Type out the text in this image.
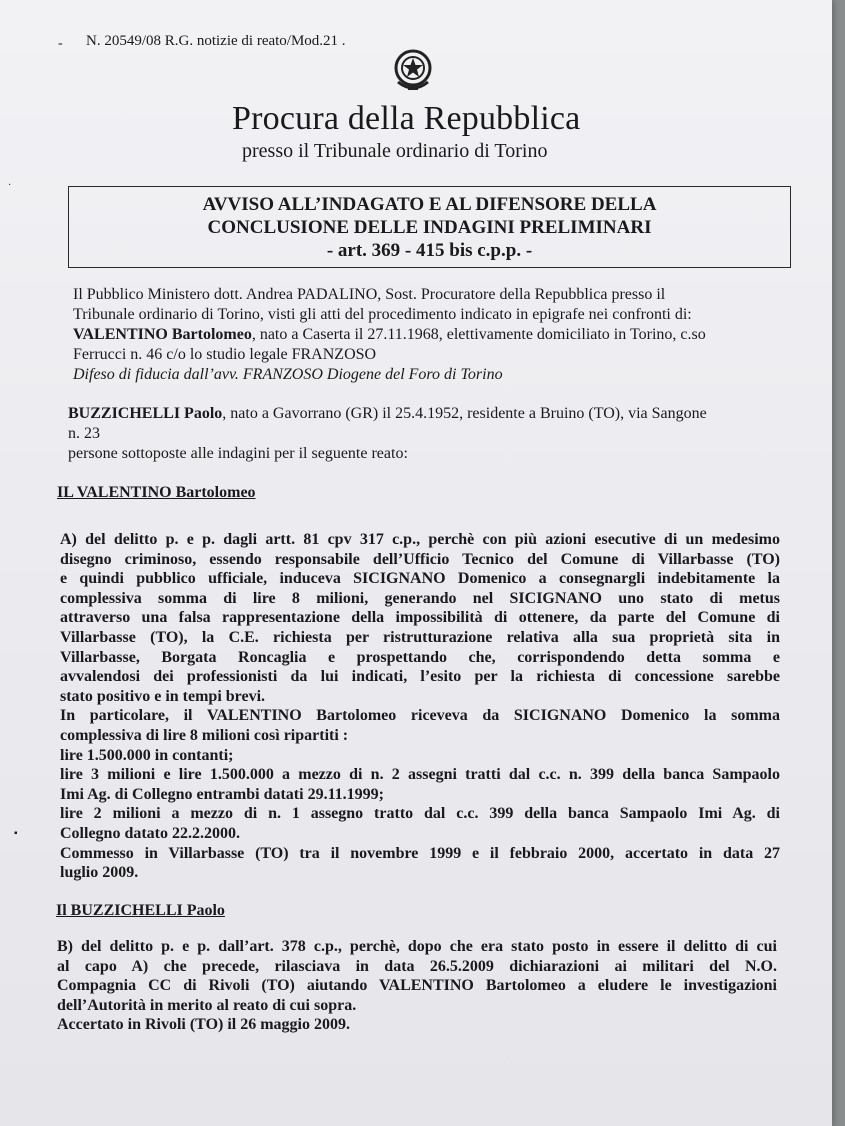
- N. 20549/08 R.G. notizie di reato/Mod.21 .
Procura della Repubblica
presso il Tribunale ordinario di Torino
AVVISO ALL’INDAGATO E AL DIFENSORE DELLA
CONCLUSIONE DELLE INDAGINI PRELIMINARI
- art. 369 - 415 bis c.p.p. -

Il Pubblico Ministero dott. Andrea PADALINO, Sost. Procuratore della Repubblica presso il

Tribunale ordinario di Torino, visti gli atti del procedimento indicato in epigrafe nei confronti di:

VALENTINO Bartolomeo, nato a Caserta il 27.11.1968, elettivamente domiciliato in Torino, c.so

Ferrucci n. 46 c/o lo studio legale FRANZOSO

Difeso di fiducia dall’avv. FRANZOSO Diogene del Foro di Torino

BUZZICHELLI Paolo, nato a Gavorrano (GR) il 25.4.1952, residente a Bruino (TO), via Sangone

n. 23

persone sottoposte alle indagini per il seguente reato:

IL VALENTINO Bartolomeo

A) del delitto p. e p. dagli artt. 81 cpv 317 c.p., perchè con più azioni esecutive di un medesimo

disegno criminoso, essendo responsabile dell’Ufficio Tecnico del Comune di Villarbasse (TO)

e quindi pubblico ufficiale, induceva SICIGNANO Domenico a consegnargli indebitamente la

complessiva somma di lire 8 milioni, generando nel SICIGNANO uno stato di metus

attraverso una falsa rappresentazione della impossibilità di ottenere, da parte del Comune di

Villarbasse (TO), la C.E. richiesta per ristrutturazione relativa alla sua proprietà sita in

Villarbasse, Borgata Roncaglia e prospettando che, corrispondendo detta somma e

avvalendosi dei professionisti da lui indicati, l’esito per la richiesta di concessione sarebbe

stato positivo e in tempi brevi.

In particolare, il VALENTINO Bartolomeo riceveva da SICIGNANO Domenico la somma

complessiva di lire 8 milioni così ripartiti :

lire 1.500.000 in contanti;

lire 3 milioni e lire 1.500.000 a mezzo di n. 2 assegni tratti dal c.c. n. 399 della banca Sampaolo

Imi Ag. di Collegno entrambi datati 29.11.1999;

lire 2 milioni a mezzo di n. 1 assegno tratto dal c.c. 399 della banca Sampaolo Imi Ag. di

Collegno datato 22.2.2000.

Commesso in Villarbasse (TO) tra il novembre 1999 e il febbraio 2000, accertato in data 27

luglio 2009.

Il BUZZICHELLI Paolo

B) del delitto p. e p. dall’art. 378 c.p., perchè, dopo che era stato posto in essere il delitto di cui

al capo A) che precede, rilasciava in data 26.5.2009 dichiarazioni ai militari del N.O.

Compagnia CC di Rivoli (TO) aiutando VALENTINO Bartolomeo a eludere le investigazioni

dell’Autorità in merito al reato di cui sopra.

Accertato in Rivoli (TO) il 26 maggio 2009.

▪
·
